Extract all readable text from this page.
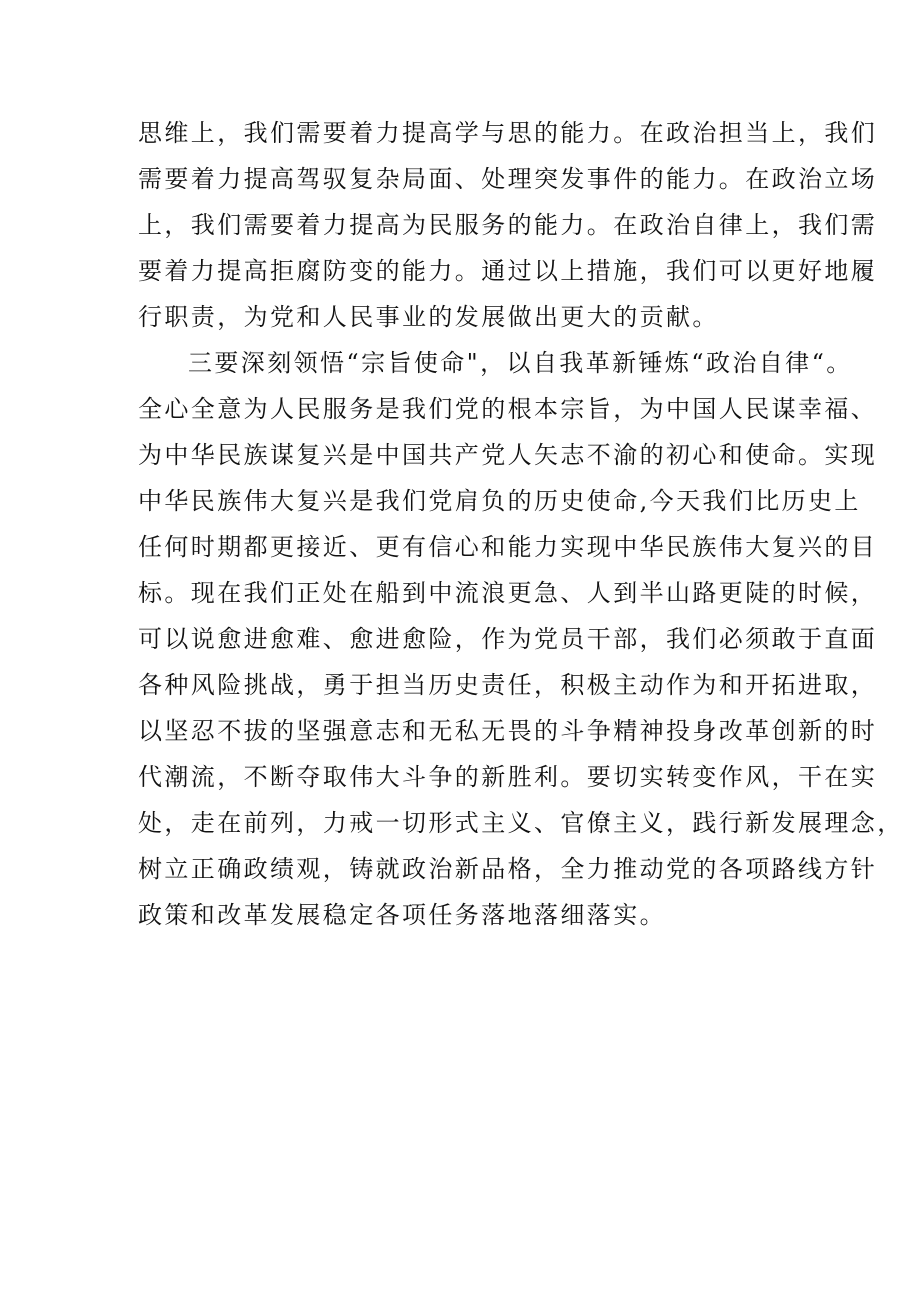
思维上，我们需要着力提高学与思的能力。在政治担当上，我们
需要着力提高驾驭复杂局面、处理突发事件的能力。在政治立场
上，我们需要着力提高为民服务的能力。在政治自律上，我们需
要着力提高拒腐防变的能力。通过以上措施，我们可以更好地履
行职责，为党和人民事业的发展做出更大的贡献。
三要深刻领悟“宗旨使命"，以自我革新锤炼“政治自律“。
全心全意为人民服务是我们党的根本宗旨，为中国人民谋幸福、
为中华民族谋复兴是中国共产党人矢志不渝的初心和使命。实现
中华民族伟大复兴是我们党肩负的历史使命,今天我们比历史上
任何时期都更接近、更有信心和能力实现中华民族伟大复兴的目
标。现在我们正处在船到中流浪更急、人到半山路更陡的时候，
可以说愈进愈难、愈进愈险，作为党员干部，我们必须敢于直面
各种风险挑战，勇于担当历史责任，积极主动作为和开拓进取，
以坚忍不拔的坚强意志和无私无畏的斗争精神投身改革创新的时
代潮流，不断夺取伟大斗争的新胜利。要切实转变作风，干在实
处，走在前列，力戒一切形式主义、官僚主义，践行新发展理念，
树立正确政绩观，铸就政治新品格，全力推动党的各项路线方针
政策和改革发展稳定各项任务落地落细落实。
